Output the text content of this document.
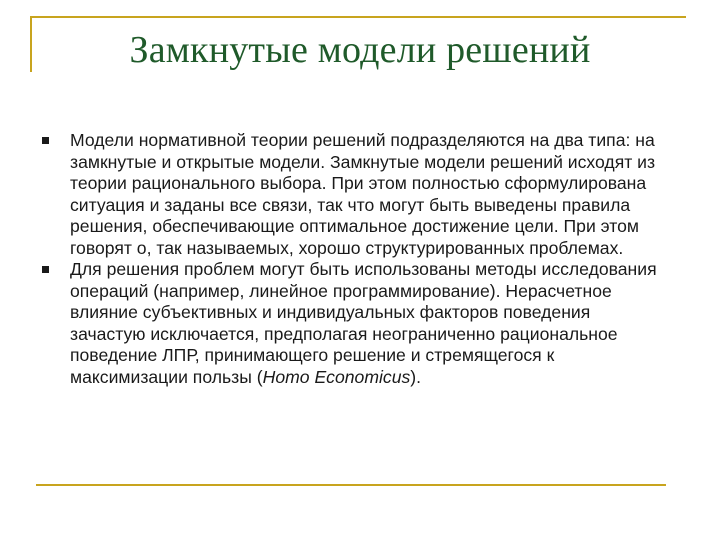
Замкнутые модели решений

Модели нормативной теории решений подразделяются на два типа: на замкнутые и открытые модели. Замкнутые модели решений исходят из теории рационального выбора. При этом полностью сформулирована ситуация и заданы все связи, так что могут быть выведены правила решения, обеспечивающие оптимальное достижение цели. При этом говорят о, так называемых, хорошо структурированных проблемах.

Для решения проблем могут быть использованы методы исследования операций (например, линейное программирование). Нерасчетное влияние субъективных и индивидуальных факторов поведения зачастую исключается, предполагая неограниченно рациональное поведение ЛПР, принимающего решение и стремящегося к максимизации пользы (Homo Economicus).
